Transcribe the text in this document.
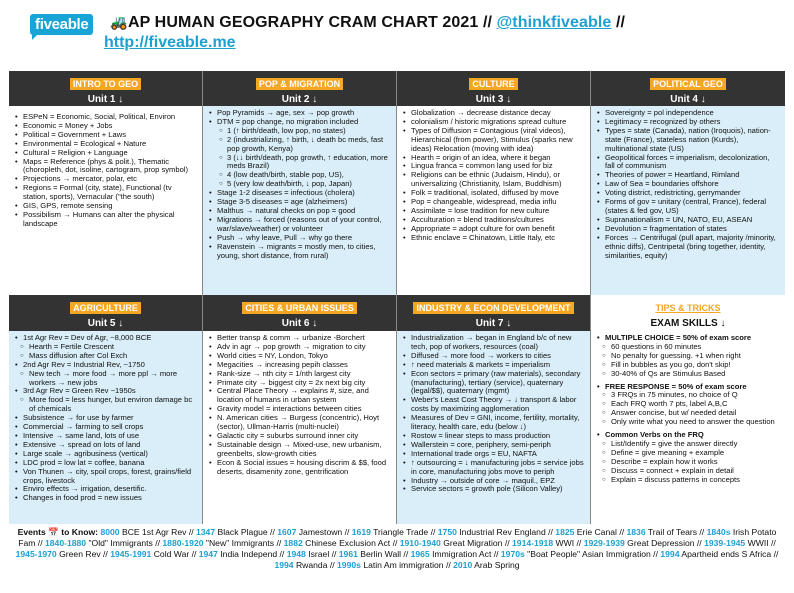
fiveable	🚜 AP HUMAN GEOGRAPHY CRAM CHART 2021 // @thinkfiveable //
http://fiveable.me
INTRO TO GEO
Unit 1 ↓
• ESPeN = Economic, Social, Political, Environ
• Economic = Money + Jobs
• Political = Government + Laws
• Environmental = Ecological + Nature
• Cultural = Religion + Language
• Maps = Reference (phys & polit.), Thematic (choropleth, dot, isoline, cartogram, prop symbol)
• Projections → mercator, polar, etc
• Regions = Formal (city, state), Functional (tv station, sports), Vernacular ("the south)
• GIS, GPS, remote sensing
• Possibilism → Humans can alter the physical landscape
POP & MIGRATION
Unit 2 ↓
• Pop Pyramids → age, sex → pop growth
• DTM = pop change, no migration included
○ 1 (↑ birth/death, low pop, no states)
○ 2 (industrializing, ↑ birth, ↓ death bc meds, fast pop growth, Kenya)
○ 3 (↓↓ birth/death, pop growth, ↑ education, more meds Brazil)
○ 4 (low death/birth, stable pop, US),
○ 5 (very low death/birth, ↓ pop, Japan)
• Stage 1-2 diseases = infectious (cholera)
• Stage 3-5 diseases = age (alzheimers)
• Malthus → natural checks on pop = good
• Migrations → forced (reasons out of your control, war/slave/weather) or volunteer
• Push → why leave, Pull → why go there
• Ravenstein → migrants = mostly men, to cities, young, short distance, from rural)
CULTURE
Unit 3 ↓
• Globalization → decrease distance decay
• colonialism / historic migrations spread culture
• Types of Diffusion = Contagious (viral videos), Hierarchical (from power), Stimulus (sparks new ideas) Relocation (moving with idea)
• Hearth = origin of an idea, where it began
• Lingua franca = common lang used for biz
• Religions can be ethnic (Judaism, Hindu), or universalizing (Christianity, Islam, Buddhism)
• Folk = traditional, isolated, diffused by move
• Pop = changeable, widespread, media influ
• Assimilate = lose tradition for new culture
• Acculturation = blend traditions/cultures
• Appropriate = adopt culture for own benefit
• Ethnic enclave = Chinatown, Little Italy, etc
POLITICAL GEO
Unit 4 ↓
• Sovereignty = pol independence
• Legitimacy = recognized by others
• Types = state (Canada), nation (Iroquois), nation-state (France), stateless nation (Kurds), multinational state (US)
• Geopolitical forces = imperialism, decolonization, fall of communism
• Theories of power = Heartland, Rimland
• Law of Sea = boundaries offshore
• Voting district, redistricting, gerrymander
• Forms of gov = unitary (central, France), federal (states & fed gov, US)
• Supranationalism = UN, NATO, EU, ASEAN
• Devolution = fragmentation of states
• Forces → Centrifugal (pull apart, majority /minority, ethnic diffs), Centripetal (bring together, identity, similarities, equity)
AGRICULTURE
Unit 5 ↓
• 1st Agr Rev = Dev of Agr, ~8,000 BCE
○ Hearth = Fertile Crescent
○ Mass diffusion after Col Exch
• 2nd Agr Rev = Industrial Rev, ~1750
○ New tech → more food → more ppl → more workers → new jobs
• 3rd Agr Rev = Green Rev ~1950s
○ More food = less hunger, but environ damage bc of chemicals
• Subsistence → for use by farmer
• Commercial → farming to sell crops
• Intensive → same land, lots of use
• Extensive → spread on lots of land
• Large scale → agribusiness (vertical)
• LDC prod = low lat = coffee, banana
• Von Thunen → city, spoil crops, forest, grains/field crops, livestock
• Enviro effects → irrigation, desertific.
• Changes in food prod = new issues
CITIES & URBAN ISSUES
Unit 6 ↓
• Better transp & comm → urbanize -Borchert
• Adv in agr → pop growth → migration to city
• World cities = NY, London, Tokyo
• Megacities → increasing pepih classes
• Rank-size → nth city = 1/nth largest city
• Primate city → biggest city = 2x next big city
• Central Place Theory → explains #, size, and location of humans in urban system
• Gravity model = interactions between cities
• N. American cities → Burgess (concentric), Hoyt (sector), Ullman-Harris (multi-nuclei)
• Galactic city = suburbs surround inner city
• Sustainable design → Mixed-use, new urbanism, greenbelts, slow-growth cities
• Econ & Social issues = housing discrim & $$, food deserts, disamenity zone, gentrification
INDUSTRY & ECON DEVELOPMENT
Unit 7 ↓
• Industrialization → began in England b/c of new tech, pop of workers, resources (coal)
• Diffused → more food → workers to cities
• ↑ need materials & markets = imperialism
• Econ sectors = primary (raw materials), secondary (manufacturing), tertiary (service), quaternary (legal/$$), quaternary (mgmt)
• Weber's Least Cost Theory → ↓ transport & labor costs by maximizing agglomeration
• Measures of Dev = GNI, income, fertility, mortality, literacy, health care, edu (below ↓)
• Rostow = linear steps to mass production
• Wallerstein = core, periphery, semi-periph
• International trade orgs = EU, NAFTA
• ↑ outsourcing = ↓ manufacturing jobs = service jobs in core, manufacturing jobs move to periph
• Industry → outside of core → maquil., EPZ
• Service sectors = growth pole (Silicon Valley)
TIPS & TRICKS
EXAM SKILLS ↓
• MULTIPLE CHOICE = 50% of exam score
○ 60 questions in 60 minutes
○ No penalty for guessing. +1 when right
○ Fill in bubbles as you go, don't skip!
○ 30-40% of Qs are Stimulus Based
• FREE RESPONSE = 50% of exam score
○ 3 FRQs in 75 minutes, no choice of Q
○ Each FRQ worth 7 pts, label A,B,C
○ Answer concise, but w/ needed detail
○ Only write what you need to answer the question
• Common Verbs on the FRQ
○ List/Identify = give the answer directly
○ Define = give meaning + example
○ Describe = explain how it works
○ Discuss = connect + explain in detail
○ Explain = discuss patterns in concepts
Events 📅 to Know: 8000 BCE 1st Agr Rev // 1347 Black Plague // 1607 Jamestown // 1619 Triangle Trade // 1750 Industrial Rev England // 1825 Erie Canal // 1836 Trail of Tears // 1840s Irish Potato Fam // 1840-1880 "Old" Immigrants // 1880-1920 "New" Immigrants // 1882 Chinese Exclusion Act // 1910-1940 Great Migration // 1914-1918 WWI // 1929-1939 Great Depression // 1939-1945 WWII // 1945-1970 Green Rev // 1945-1991 Cold War // 1947 India Independ // 1948 Israel // 1961 Berlin Wall // 1965 Immigration Act // 1970s "Boat People" Asian Immigration // 1994 Apartheid ends S Africa // 1994 Rwanda // 1990s Latin Am immigration // 2010 Arab Spring
